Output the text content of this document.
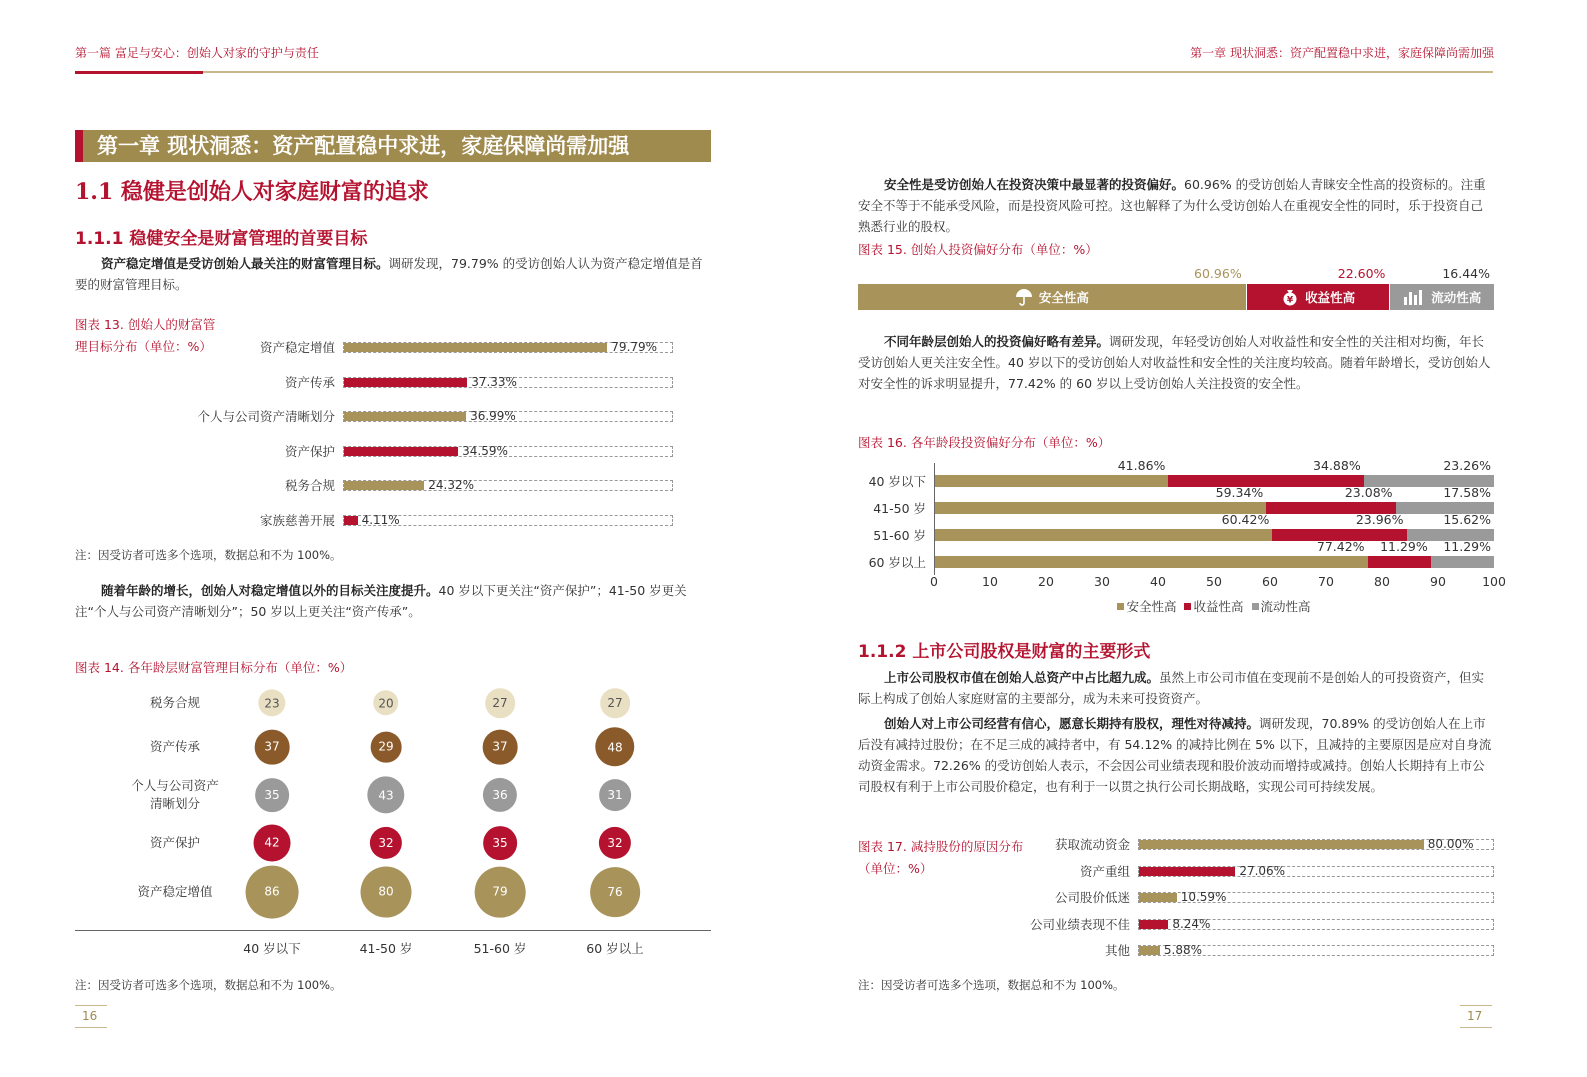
第一篇 富足与安心：创始人对家的守护与责任	第一章 现状洞悉：资产配置稳中求进，家庭保障尚需加强
第一章 现状洞悉：资产配置稳中求进，家庭保障尚需加强
1.1 稳健是创始人对家庭财富的追求
1.1.1 稳健安全是财富管理的首要目标
资产稳定增值是受访创始人最关注的财富管理目标。调研发现，79.79% 的受访创始人认为资产稳定增值是首要的财富管理目标。
图表 13. 创始人的财富管
理目标分布（单位：%）	资产稳定增值	79.79%
资产传承	37.33%
个人与公司资产清晰划分	36.99%
资产保护	34.59%
税务合规	24.32%
家族慈善开展 4.11%
注：因受访者可选多个选项，数据总和不为 100%。
随着年龄的增长，创始人对稳定增值以外的目标关注度提升。40 岁以下更关注“资产保护”；41-50 岁更关注“个人与公司资产清晰划分”；50 岁以上更关注“资产传承”。
图表 14. 各年龄层财富管理目标分布（单位：%）
税务合规	23	20	27	27
资产传承	37	29	37	48
个人与公司资产
清晰划分
35	43	36	31
资产保护	42	32	35	32
资产稳定增值	86	80	79	76
40 岁以下	41-50 岁	51-60 岁	60 岁以上
注：因受访者可选多个选项，数据总和不为 100%。
16
安全性是受访创始人在投资决策中最显著的投资偏好。60.96% 的受访创始人青睐安全性高的投资标的。注重安全不等于不能承受风险，而是投资风险可控。这也解释了为什么受访创始人在重视安全性的同时，乐于投资自己熟悉行业的股权。
图表 15. 创始人投资偏好分布（单位：%）
安全性高
60.96%
¥ 收益性高
22.60%
流动性高
16.44%
不同年龄层创始人的投资偏好略有差异。调研发现，年轻受访创始人对收益性和安全性的关注相对均衡，年长受访创始人更关注安全性。40 岁以下的受访创始人对收益性和安全性的关注度均较高。随着年龄增长，受访创始人对安全性的诉求明显提升，77.42% 的 60 岁以上受访创始人关注投资的安全性。
图表 16. 各年龄段投资偏好分布（单位：%）
40 岁以下
41.86%	34.88%	23.26%
41-50 岁
59.34%	23.08%	17.58%
51-60 岁
60.42%	23.96%	15.62%
60 岁以上
77.42%	11.29%	11.29%
0	10	20	30	40	50	60	70	80	90	100
安全性高 收益性高 流动性高
1.1.2 上市公司股权是财富的主要形式
上市公司股权市值在创始人总资产中占比超九成。虽然上市公司市值在变现前不是创始人的可投资资产，但实际上构成了创始人家庭财富的主要部分，成为未来可投资资产。
创始人对上市公司经营有信心，愿意长期持有股权，理性对待减持。调研发现，70.89% 的受访创始人在上市后没有减持过股份；在不足三成的减持者中，有 54.12% 的减持比例在 5% 以下，且减持的主要原因是应对自身流动资金需求。72.26% 的受访创始人表示，不会因公司业绩表现和股价波动而增持或减持。创始人长期持有上市公司股权有利于上市公司股价稳定，也有利于一以贯之执行公司长期战略，实现公司可持续发展。
图表 17. 减持股份的原因分布
（单位：%）
获取流动资金	80.00%
资产重组	27.06%
公司股价低迷	10.59%
公司业绩表现不佳	8.24%
其他	5.88%
注：因受访者可选多个选项，数据总和不为 100%。
17
